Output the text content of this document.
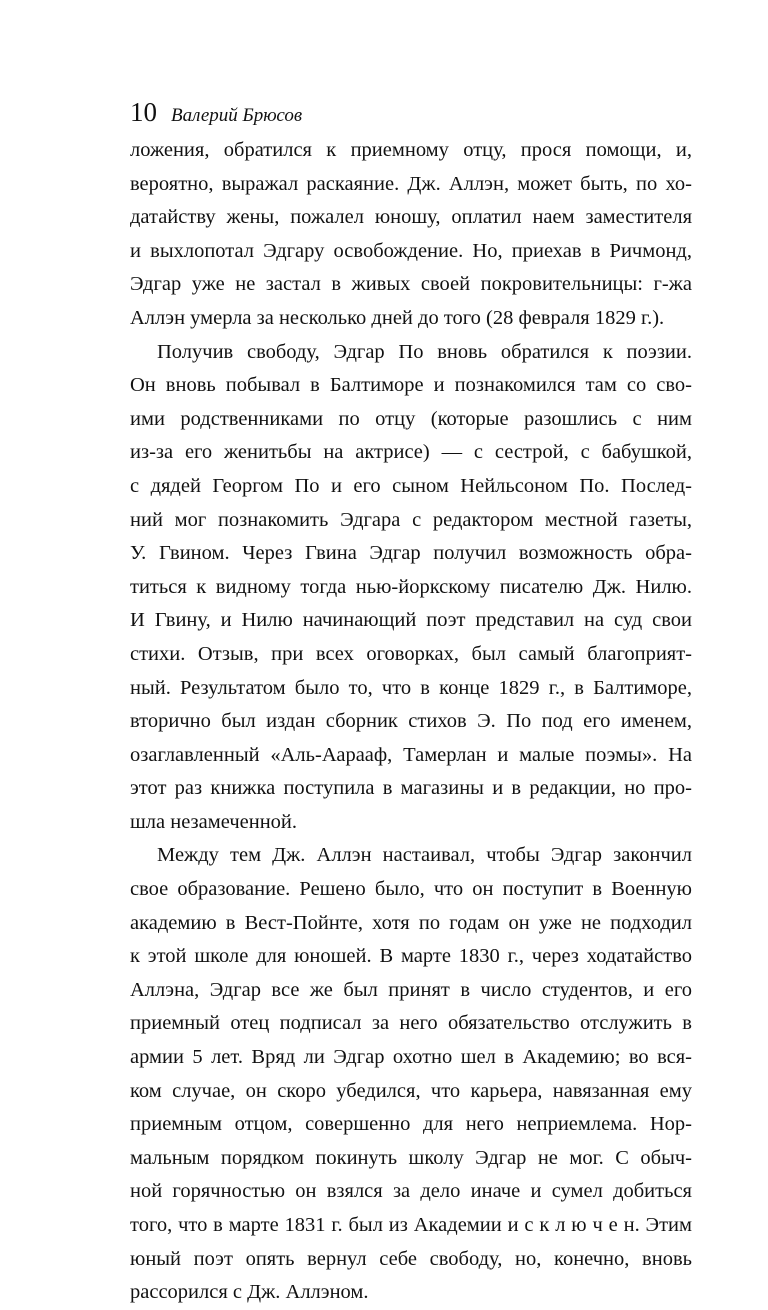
10 Валерий Брюсов
ложения, обратился к приемному отцу, прося помощи, и,
вероятно, выражал раскаяние. Дж. Аллэн, может быть, по хо-
датайству жены, пожалел юношу, оплатил наем заместителя
и выхлопотал Эдгару освобождение. Но, приехав в Ричмонд,
Эдгар уже не застал в живых своей покровительницы: г-жа
Аллэн умерла за несколько дней до того (28 февраля 1829 г.).
Получив свободу, Эдгар По вновь обратился к поэзии.
Он вновь побывал в Балтиморе и познакомился там со сво-
ими родственниками по отцу (которые разошлись с ним
из-за его женитьбы на актрисе) — с сестрой, с бабушкой,
с дядей Георгом По и его сыном Нейльсоном По. Послед-
ний мог познакомить Эдгара с редактором местной газеты,
У. Гвином. Через Гвина Эдгар получил возможность обра-
титься к видному тогда нью-йоркскому писателю Дж. Нилю.
И Гвину, и Нилю начинающий поэт представил на суд свои
стихи. Отзыв, при всех оговорках, был самый благоприят-
ный. Результатом было то, что в конце 1829 г., в Балтиморе,
вторично был издан сборник стихов Э. По под его именем,
озаглавленный «Аль-Аарааф, Тамерлан и малые поэмы». На
этот раз книжка поступила в магазины и в редакции, но про-
шла незамеченной.
Между тем Дж. Аллэн настаивал, чтобы Эдгар закончил
свое образование. Решено было, что он поступит в Военную
академию в Вест-Пойнте, хотя по годам он уже не подходил
к этой школе для юношей. В марте 1830 г., через ходатайство
Аллэна, Эдгар все же был принят в число студентов, и его
приемный отец подписал за него обязательство отслужить в
армии 5 лет. Вряд ли Эдгар охотно шел в Академию; во вся-
ком случае, он скоро убедился, что карьера, навязанная ему
приемным отцом, совершенно для него неприемлема. Нор-
мальным порядком покинуть школу Эдгар не мог. С обыч-
ной горячностью он взялся за дело иначе и сумел добиться
того, что в марте 1831 г. был из Академии и с к л ю ч е н. Этим
юный поэт опять вернул себе свободу, но, конечно, вновь
рассорился с Дж. Аллэном.
